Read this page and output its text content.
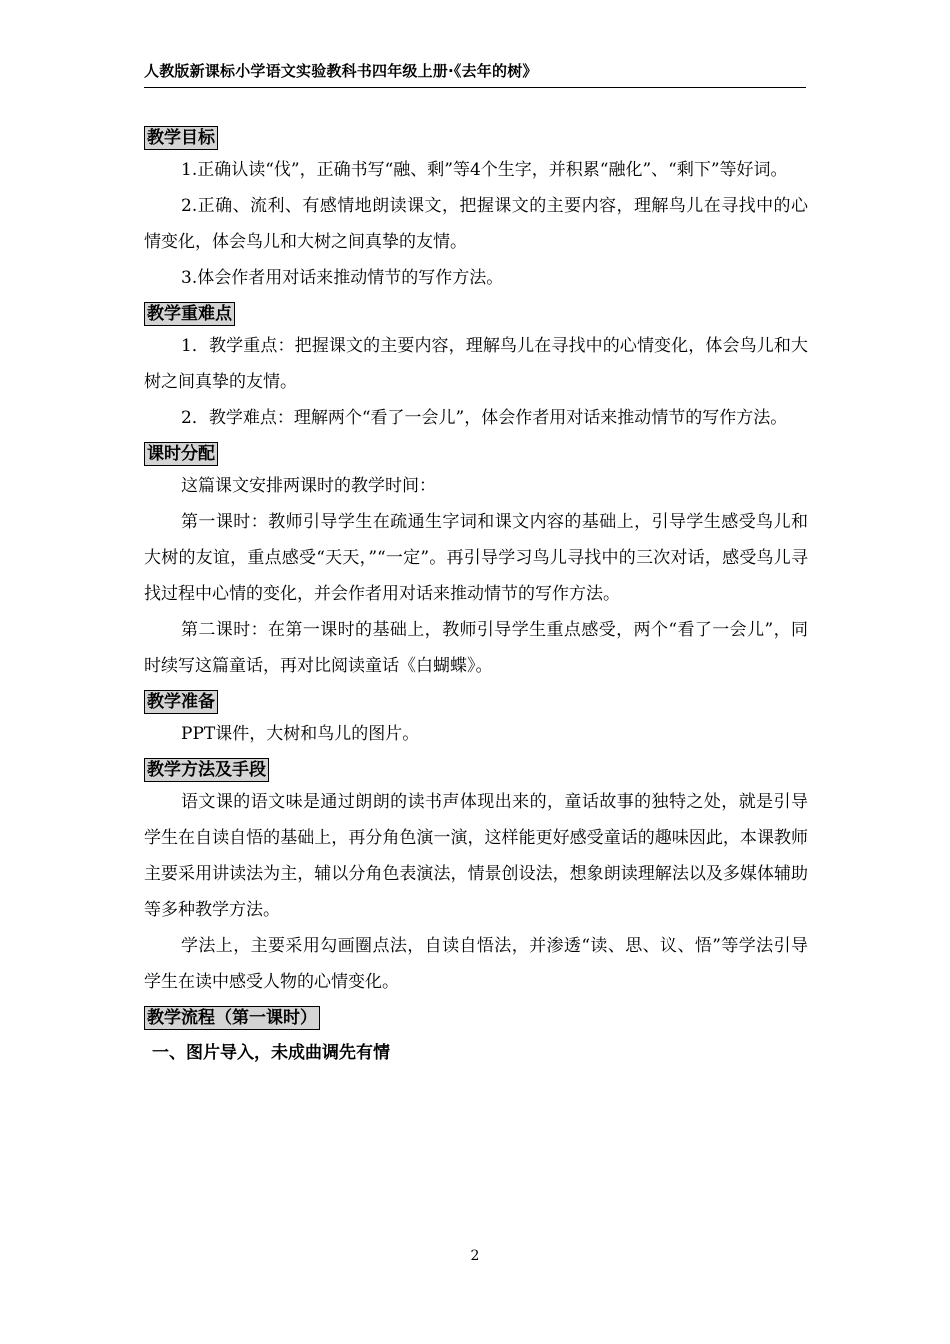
人教版新课标小学语文实验教科书四年级上册·《去年的树》
教学目标

1.正确认读“伐”，正确书写“融、剩”等4个生字，并积累“融化”、“剩下”等好词。

2.正确、流利、有感情地朗读课文，把握课文的主要内容，理解鸟儿在寻找中的心情变化，体会鸟儿和大树之间真挚的友情。

3.体会作者用对话来推动情节的写作方法。

教学重难点

1．教学重点：把握课文的主要内容，理解鸟儿在寻找中的心情变化，体会鸟儿和大树之间真挚的友情。

2．教学难点：理解两个“看了一会儿”，体会作者用对话来推动情节的写作方法。

课时分配

这篇课文安排两课时的教学时间：

第一课时：教师引导学生在疏通生字词和课文内容的基础上，引导学生感受鸟儿和大树的友谊，重点感受“天天，”“一定”。再引导学习鸟儿寻找中的三次对话，感受鸟儿寻找过程中心情的变化，并会作者用对话来推动情节的写作方法。

第二课时：在第一课时的基础上，教师引导学生重点感受，两个“看了一会儿”，同时续写这篇童话，再对比阅读童话《白蝴蝶》。

教学准备

PPT课件，大树和鸟儿的图片。

教学方法及手段

语文课的语文味是通过朗朗的读书声体现出来的，童话故事的独特之处，就是引导学生在自读自悟的基础上，再分角色演一演，这样能更好感受童话的趣味因此，本课教师主要采用讲读法为主，辅以分角色表演法，情景创设法，想象朗读理解法以及多媒体辅助等多种教学方法。

学法上，主要采用勾画圈点法，自读自悟法，并渗透“读、思、议、悟”等学法引导学生在读中感受人物的心情变化。

教学流程（第一课时）
一、图片导入，未成曲调先有情
2
